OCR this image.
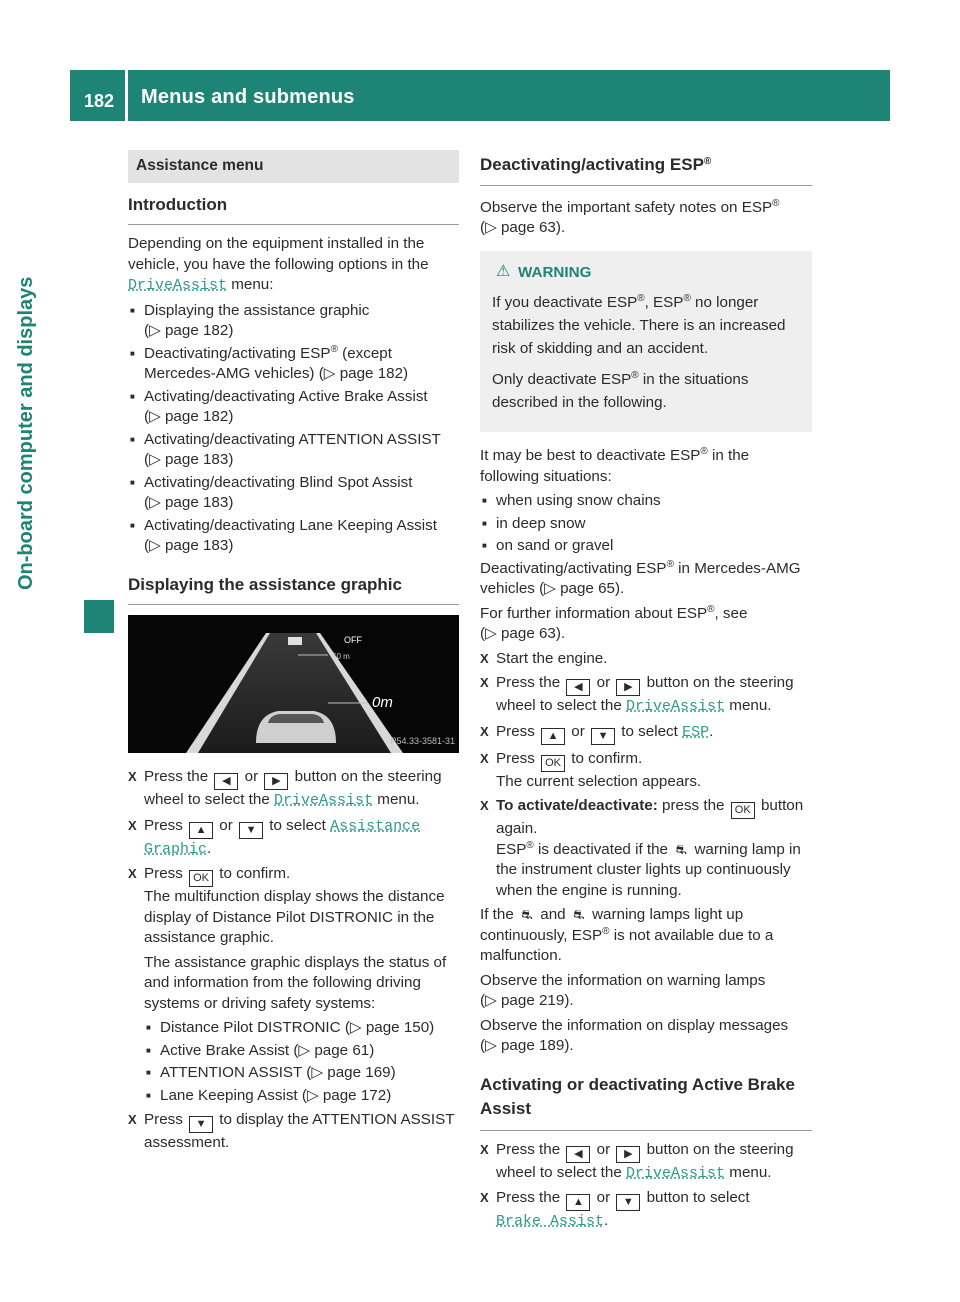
182 Menus and submenus
On-board computer and displays
Assistance menu
Introduction

Depending on the equipment installed in the vehicle, you have the following options in the DriveAssist menu:

■ Displaying the assistance graphic
(▷ page 182)
■ Deactivating/activating ESP® (except Mercedes-AMG vehicles) (▷ page 182)
■ Activating/deactivating Active Brake Assist
(▷ page 182)
■ Activating/deactivating ATTENTION ASSIST
(▷ page 183)
■ Activating/deactivating Blind Spot Assist
(▷ page 183)
■ Activating/deactivating Lane Keeping Assist
(▷ page 183)
Displaying the assistance graphic
OFF
50 m
0m
P54.33-3581-31
X Press the ◀ or ▶ button on the steering wheel to select the DriveAssist menu.
X Press ▲ or ▼ to select Assistance
Graphic.
X Press OK to confirm.
The multifunction display shows the distance display of Distance Pilot DISTRONIC in the assistance graphic.

The assistance graphic displays the status of and information from the following driving systems or driving safety systems:

■ Distance Pilot DISTRONIC (▷ page 150)
■ Active Brake Assist (▷ page 61)
■ ATTENTION ASSIST (▷ page 169)
■ Lane Keeping Assist (▷ page 172)
X Press ▼ to display the ATTENTION ASSIST assessment.
Deactivating/activating ESP®

Observe the important safety notes on ESP®
(▷ page 63).

⚠ WARNING

If you deactivate ESP®, ESP® no longer stabilizes the vehicle. There is an increased risk of skidding and an accident.

Only deactivate ESP® in the situations described in the following.

It may be best to deactivate ESP® in the following situations:

■ when using snow chains
■ in deep snow
■ on sand or gravel

Deactivating/activating ESP® in Mercedes-AMG vehicles (▷ page 65).

For further information about ESP®, see
(▷ page 63).

X Start the engine.
X Press the ◀ or ▶ button on the steering wheel to select the DriveAssist menu.
X Press ▲ or ▼ to select ESP.
X Press OK to confirm.
The current selection appears.
X To activate/deactivate: press the OK button again.
ESP® is deactivated if the ⛐ warning lamp in the instrument cluster lights up continuously when the engine is running.

If the ⛐ and ⛐ warning lamps light up continuously, ESP® is not available due to a malfunction.

Observe the information on warning lamps
(▷ page 219).

Observe the information on display messages
(▷ page 189).

Activating or deactivating Active Brake Assist
X Press the ◀ or ▶ button on the steering wheel to select the DriveAssist menu.
X Press the ▲ or ▼ button to select
Brake Assist.
